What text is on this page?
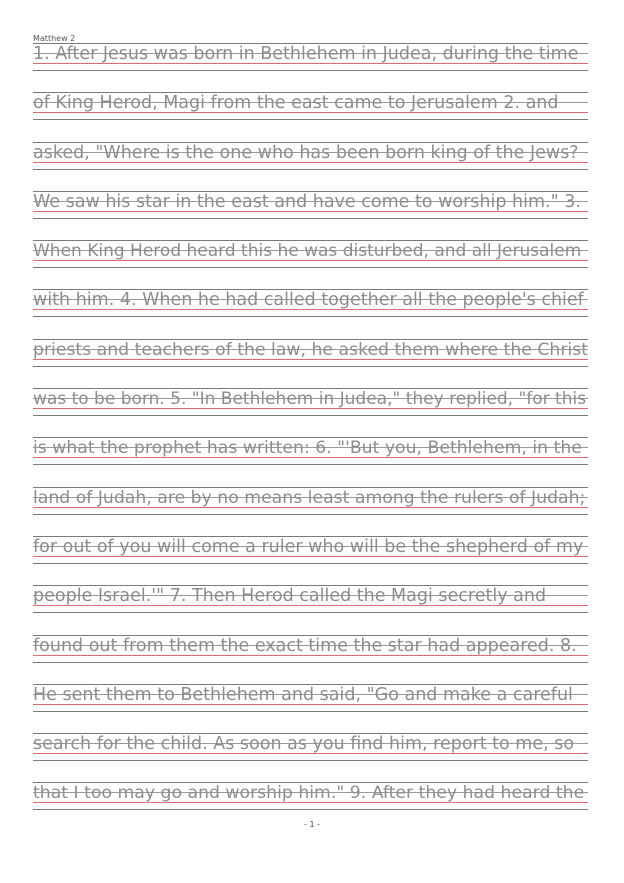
Matthew 2
1. After Jesus was born in Bethlehem in Judea, during the time
of King Herod, Magi from the east came to Jerusalem 2. and
asked, "Where is the one who has been born king of the Jews?
We saw his star in the east and have come to worship him." 3.
When King Herod heard this he was disturbed, and all Jerusalem
with him. 4. When he had called together all the people's chief
priests and teachers of the law, he asked them where the Christ
was to be born. 5. "In Bethlehem in Judea," they replied, "for this
is what the prophet has written: 6. "'But you, Bethlehem, in the
land of Judah, are by no means least among the rulers of Judah;
for out of you will come a ruler who will be the shepherd of my
people Israel.'" 7. Then Herod called the Magi secretly and
found out from them the exact time the star had appeared. 8.
He sent them to Bethlehem and said, "Go and make a careful
search for the child. As soon as you find him, report to me, so
that I too may go and worship him." 9. After they had heard the
- 1 -
